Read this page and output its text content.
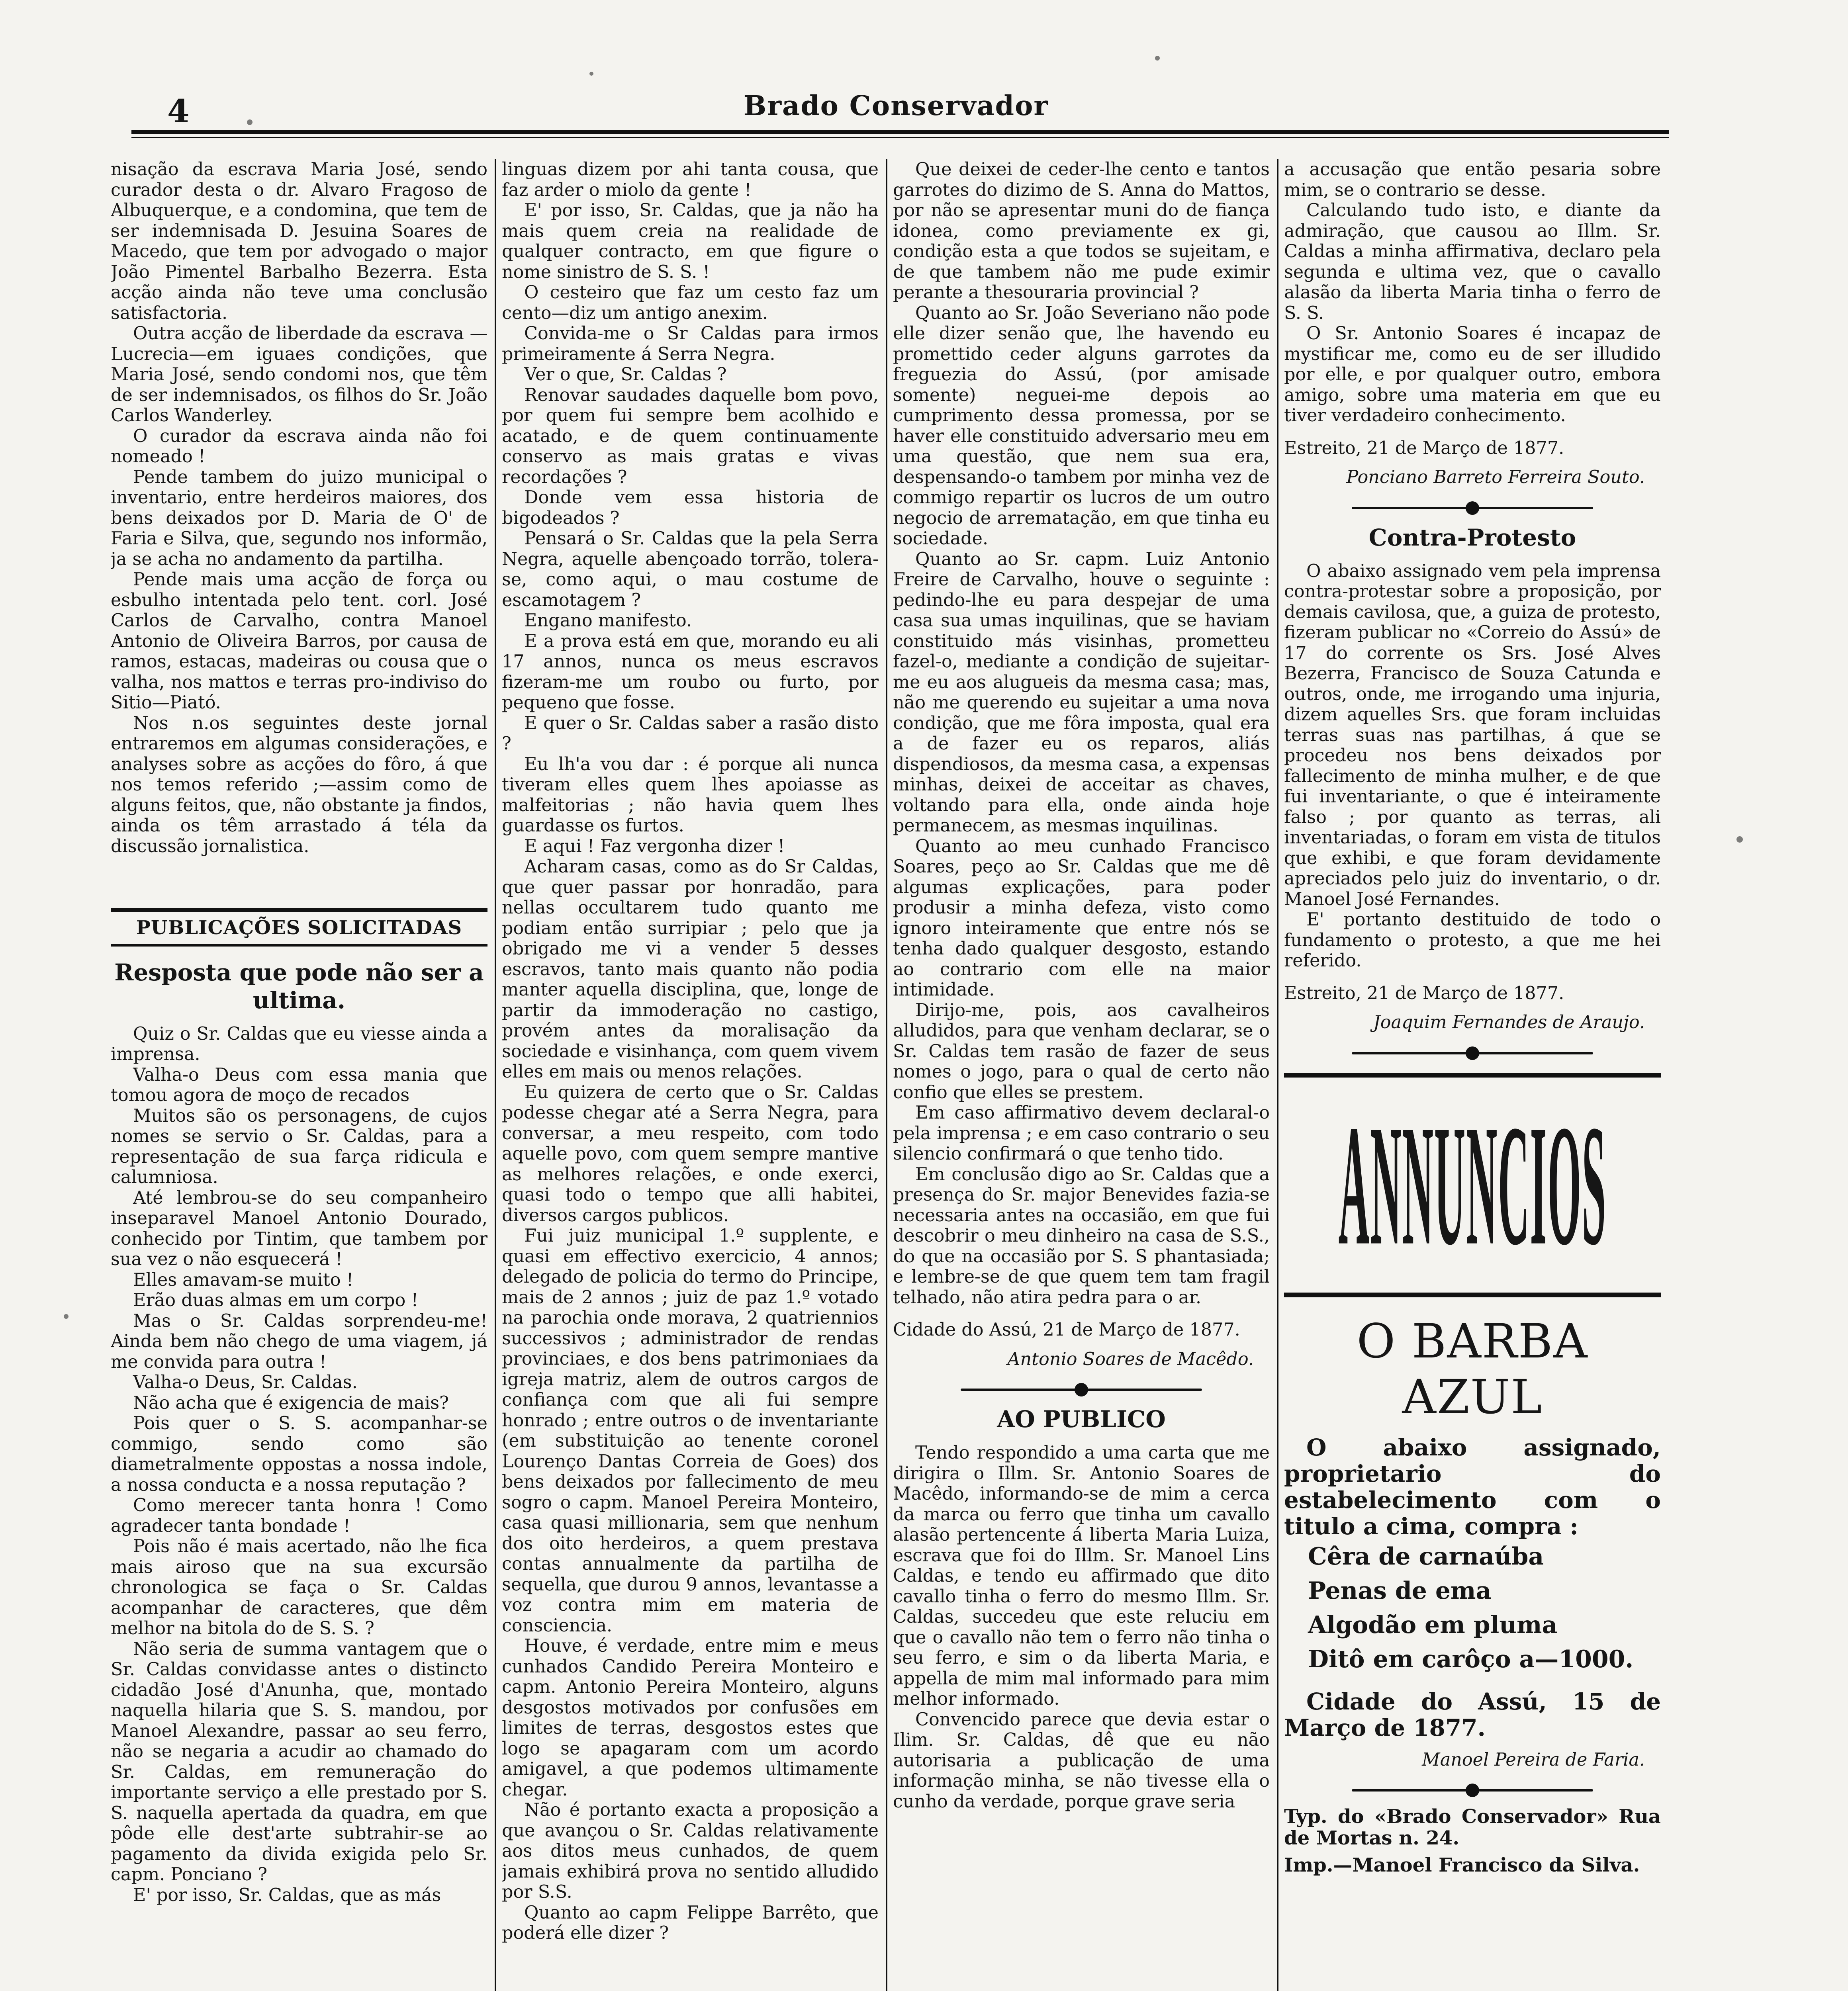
4	Brado Conservador

nisação da escrava Maria José, sendo curador desta o dr. Alvaro Fragoso de Albuquerque, e a condomina, que tem de ser indemnisada D. Jesuina Soares de Macedo, que tem por advogado o major João Pimentel Barbalho Bezerra. Esta acção ainda não teve uma conclusão satisfactoria.

Outra acção de liberdade da escrava —Lucrecia—em iguaes condições, que Maria José, sendo condomi nos, que têm de ser indemnisados, os filhos do Sr. João Carlos Wanderley.

O curador da escrava ainda não foi nomeado !

Pende tambem do juizo municipal o inventario, entre herdeiros maiores, dos bens deixados por D. Maria de O' de Faria e Silva, que, segundo nos informão, ja se acha no andamento da partilha.

Pende mais uma acção de força ou esbulho intentada pelo tent. corl. José Carlos de Carvalho, contra Manoel Antonio de Oliveira Barros, por causa de ramos, estacas, madeiras ou cousa que o valha, nos mattos e terras pro-indiviso do Sitio—Piató.

Nos n.os seguintes deste jornal entraremos em algumas considerações, e analyses sobre as acções do fôro, á que nos temos referido ;—assim como de alguns feitos, que, não obstante ja findos, ainda os têm arrastado á téla da discussão jornalistica.

PUBLICAÇÕES SOLICITADAS
Resposta que pode não ser a ultima.

Quiz o Sr. Caldas que eu viesse ainda a imprensa.

Valha-o Deus com essa mania que tomou agora de moço de recados

Muitos são os personagens, de cujos nomes se servio o Sr. Caldas, para a representação de sua farça ridicula e calumniosa.

Até lembrou-se do seu companheiro inseparavel Manoel Antonio Dourado, conhecido por Tintim, que tambem por sua vez o não esquecerá !

Elles amavam-se muito !

Erão duas almas em um corpo !

Mas o Sr. Caldas sorprendeu-me! Ainda bem não chego de uma viagem, já me convida para outra !

Valha-o Deus, Sr. Caldas.

Não acha que é exigencia de mais?

Pois quer o S. S. acompanhar-se commigo, sendo como são diametralmente oppostas a nossa indole, a nossa conducta e a nossa reputação ?

Como merecer tanta honra ! Como agradecer tanta bondade !

Pois não é mais acertado, não lhe fica mais airoso que na sua excursão chronologica se faça o Sr. Caldas acompanhar de caracteres, que dêm melhor na bitola do de S. S. ?

Não seria de summa vantagem que o Sr. Caldas convidasse antes o distincto cidadão José d'Anunha, que, montado naquella hilaria que S. S. mandou, por Manoel Alexandre, passar ao seu ferro, não se negaria a acudir ao chamado do Sr. Caldas, em remuneração do importante serviço a elle prestado por S. S. naquella apertada da quadra, em que pôde elle dest'arte subtrahir-se ao pagamento da divida exigida pelo Sr. capm. Ponciano ?

E' por isso, Sr. Caldas, que as más

linguas dizem por ahi tanta cousa, que faz arder o miolo da gente !

E' por isso, Sr. Caldas, que ja não ha mais quem creia na realidade de qualquer contracto, em que figure o nome sinistro de S. S. !

O cesteiro que faz um cesto faz um cento—diz um antigo anexim.

Convida-me o Sr Caldas para irmos primeiramente á Serra Negra.

Ver o que, Sr. Caldas ?

Renovar saudades daquelle bom povo, por quem fui sempre bem acolhido e acatado, e de quem continuamente conservo as mais gratas e vivas recordações ?

Donde vem essa historia de bigodeados ?

Pensará o Sr. Caldas que la pela Serra Negra, aquelle abençoado torrão, tolera-se, como aqui, o mau costume de escamotagem ?

Engano manifesto.

E a prova está em que, morando eu ali 17 annos, nunca os meus escravos fizeram-me um roubo ou furto, por pequeno que fosse.

E quer o Sr. Caldas saber a rasão disto ?

Eu lh'a vou dar : é porque ali nunca tiveram elles quem lhes apoiasse as malfeitorias ; não havia quem lhes guardasse os furtos.

E aqui ! Faz vergonha dizer !

Acharam casas, como as do Sr Caldas, que quer passar por honradão, para nellas occultarem tudo quanto me podiam então surripiar ; pelo que ja obrigado me vi a vender 5 desses escravos, tanto mais quanto não podia manter aquella disciplina, que, longe de partir da immoderação no castigo, provém antes da moralisação da sociedade e visinhança, com quem vivem elles em mais ou menos relações.

Eu quizera de certo que o Sr. Caldas podesse chegar até a Serra Negra, para conversar, a meu respeito, com todo aquelle povo, com quem sempre mantive as melhores relações, e onde exerci, quasi todo o tempo que alli habitei, diversos cargos publicos.

Fui juiz municipal 1.º supplente, e quasi em effectivo exercicio, 4 annos; delegado de policia do termo do Principe, mais de 2 annos ; juiz de paz 1.º votado na parochia onde morava, 2 quatriennios successivos ; administrador de rendas provinciaes, e dos bens patrimoniaes da igreja matriz, alem de outros cargos de confiança com que ali fui sempre honrado ; entre outros o de inventariante (em substituição ao tenente coronel Lourenço Dantas Correia de Goes) dos bens deixados por fallecimento de meu sogro o capm. Manoel Pereira Monteiro, casa quasi millionaria, sem que nenhum dos oito herdeiros, a quem prestava contas annualmente da partilha de sequella, que durou 9 annos, levantasse a voz contra mim em materia de consciencia.

Houve, é verdade, entre mim e meus cunhados Candido Pereira Monteiro e capm. Antonio Pereira Monteiro, alguns desgostos motivados por confusões em limites de terras, desgostos estes que logo se apagaram com um acordo amigavel, a que podemos ultimamente chegar.

Não é portanto exacta a proposição a que avançou o Sr. Caldas relativamente aos ditos meus cunhados, de quem jamais exhibirá prova no sentido alludido por S.S.

Quanto ao capm Felippe Barrêto, que poderá elle dizer ?

Que deixei de ceder-lhe cento e tantos garrotes do dizimo de S. Anna do Mattos, por não se apresentar muni do de fiança idonea, como previamente ex gi, condição esta a que todos se sujeitam, e de que tambem não me pude eximir perante a thesouraria provincial ?

Quanto ao Sr. João Severiano não pode elle dizer senão que, lhe havendo eu promettido ceder alguns garrotes da freguezia do Assú, (por amisade somente) neguei-me depois ao cumprimento dessa promessa, por se haver elle constituido adversario meu em uma questão, que nem sua era, despensando-o tambem por minha vez de commigo repartir os lucros de um outro negocio de arrematação, em que tinha eu sociedade.

Quanto ao Sr. capm. Luiz Antonio Freire de Carvalho, houve o seguinte : pedindo-lhe eu para despejar de uma casa sua umas inquilinas, que se haviam constituido más visinhas, prometteu fazel-o, mediante a condição de sujeitar-me eu aos alugueis da mesma casa; mas, não me querendo eu sujeitar a uma nova condição, que me fôra imposta, qual era a de fazer eu os reparos, aliás dispendiosos, da mesma casa, a expensas minhas, deixei de acceitar as chaves, voltando para ella, onde ainda hoje permanecem, as mesmas inquilinas.

Quanto ao meu cunhado Francisco Soares, peço ao Sr. Caldas que me dê algumas explicações, para poder produsir a minha defeza, visto como ignoro inteiramente que entre nós se tenha dado qualquer desgosto, estando ao contrario com elle na maior intimidade.

Dirijo-me, pois, aos cavalheiros alludidos, para que venham declarar, se o Sr. Caldas tem rasão de fazer de seus nomes o jogo, para o qual de certo não confio que elles se prestem.

Em caso affirmativo devem declaral-o pela imprensa ; e em caso contrario o seu silencio confirmará o que tenho tido.

Em conclusão digo ao Sr. Caldas que a presença do Sr. major Benevides fazia-se necessaria antes na occasião, em que fui descobrir o meu dinheiro na casa de S.S., do que na occasião por S. S phantasiada; e lembre-se de que quem tem tam fragil telhado, não atira pedra para o ar.

Cidade do Assú, 21 de Março de 1877.

Antonio Soares de Macêdo.

AO PUBLICO

Tendo respondido a uma carta que me dirigira o Illm. Sr. Antonio Soares de Macêdo, informando-se de mim a cerca da marca ou ferro que tinha um cavallo alasão pertencente á liberta Maria Luiza, escrava que foi do Illm. Sr. Manoel Lins Caldas, e tendo eu affirmado que dito cavallo tinha o ferro do mesmo Illm. Sr. Caldas, succedeu que este reluciu em que o cavallo não tem o ferro não tinha o seu ferro, e sim o da liberta Maria, e appella de mim mal informado para mim melhor informado.

Convencido parece que devia estar o Ilim. Sr. Caldas, dê que eu não autorisaria a publicação de uma informação minha, se não tivesse ella o cunho da verdade, porque grave seria

a accusação que então pesaria sobre mim, se o contrario se desse.

Calculando tudo isto, e diante da admiração, que causou ao Illm. Sr. Caldas a minha affirmativa, declaro pela segunda e ultima vez, que o cavallo alasão da liberta Maria tinha o ferro de S. S.

O Sr. Antonio Soares é incapaz de mystificar me, como eu de ser illudido por elle, e por qualquer outro, embora amigo, sobre uma materia em que eu tiver verdadeiro conhecimento.

Estreito, 21 de Março de 1877.

Ponciano Barreto Ferreira Souto.

Contra-Protesto

O abaixo assignado vem pela imprensa contra-protestar sobre a proposição, por demais cavilosa, que, a guiza de protesto, fizeram publicar no «Correio do Assú» de 17 do corrente os Srs. José Alves Bezerra, Francisco de Souza Catunda e outros, onde, me irrogando uma injuria, dizem aquelles Srs. que foram incluidas terras suas nas partilhas, á que se procedeu nos bens deixados por fallecimento de minha mulher, e de que fui inventariante, o que é inteiramente falso ; por quanto as terras, ali inventariadas, o foram em vista de titulos que exhibi, e que foram devidamente apreciados pelo juiz do inventario, o dr. Manoel José Fernandes.

E' portanto destituido de todo o fundamento o protesto, a que me hei referido.

Estreito, 21 de Março de 1877.

Joaquim Fernandes de Araujo.

ANNUNCIOS
O BARBA AZUL
O abaixo assignado, proprietario do estabelecimento com o titulo a cima, compra :
Cêra de carnaúba
Penas de ema
Algodão em pluma
Ditô em carôço a—1000.
Cidade do Assú, 15 de Março de 1877.

Manoel Pereira de Faria.

Typ. do «Brado Conservador» Rua de Mortas n. 24.
Imp.—Manoel Francisco da Silva.
